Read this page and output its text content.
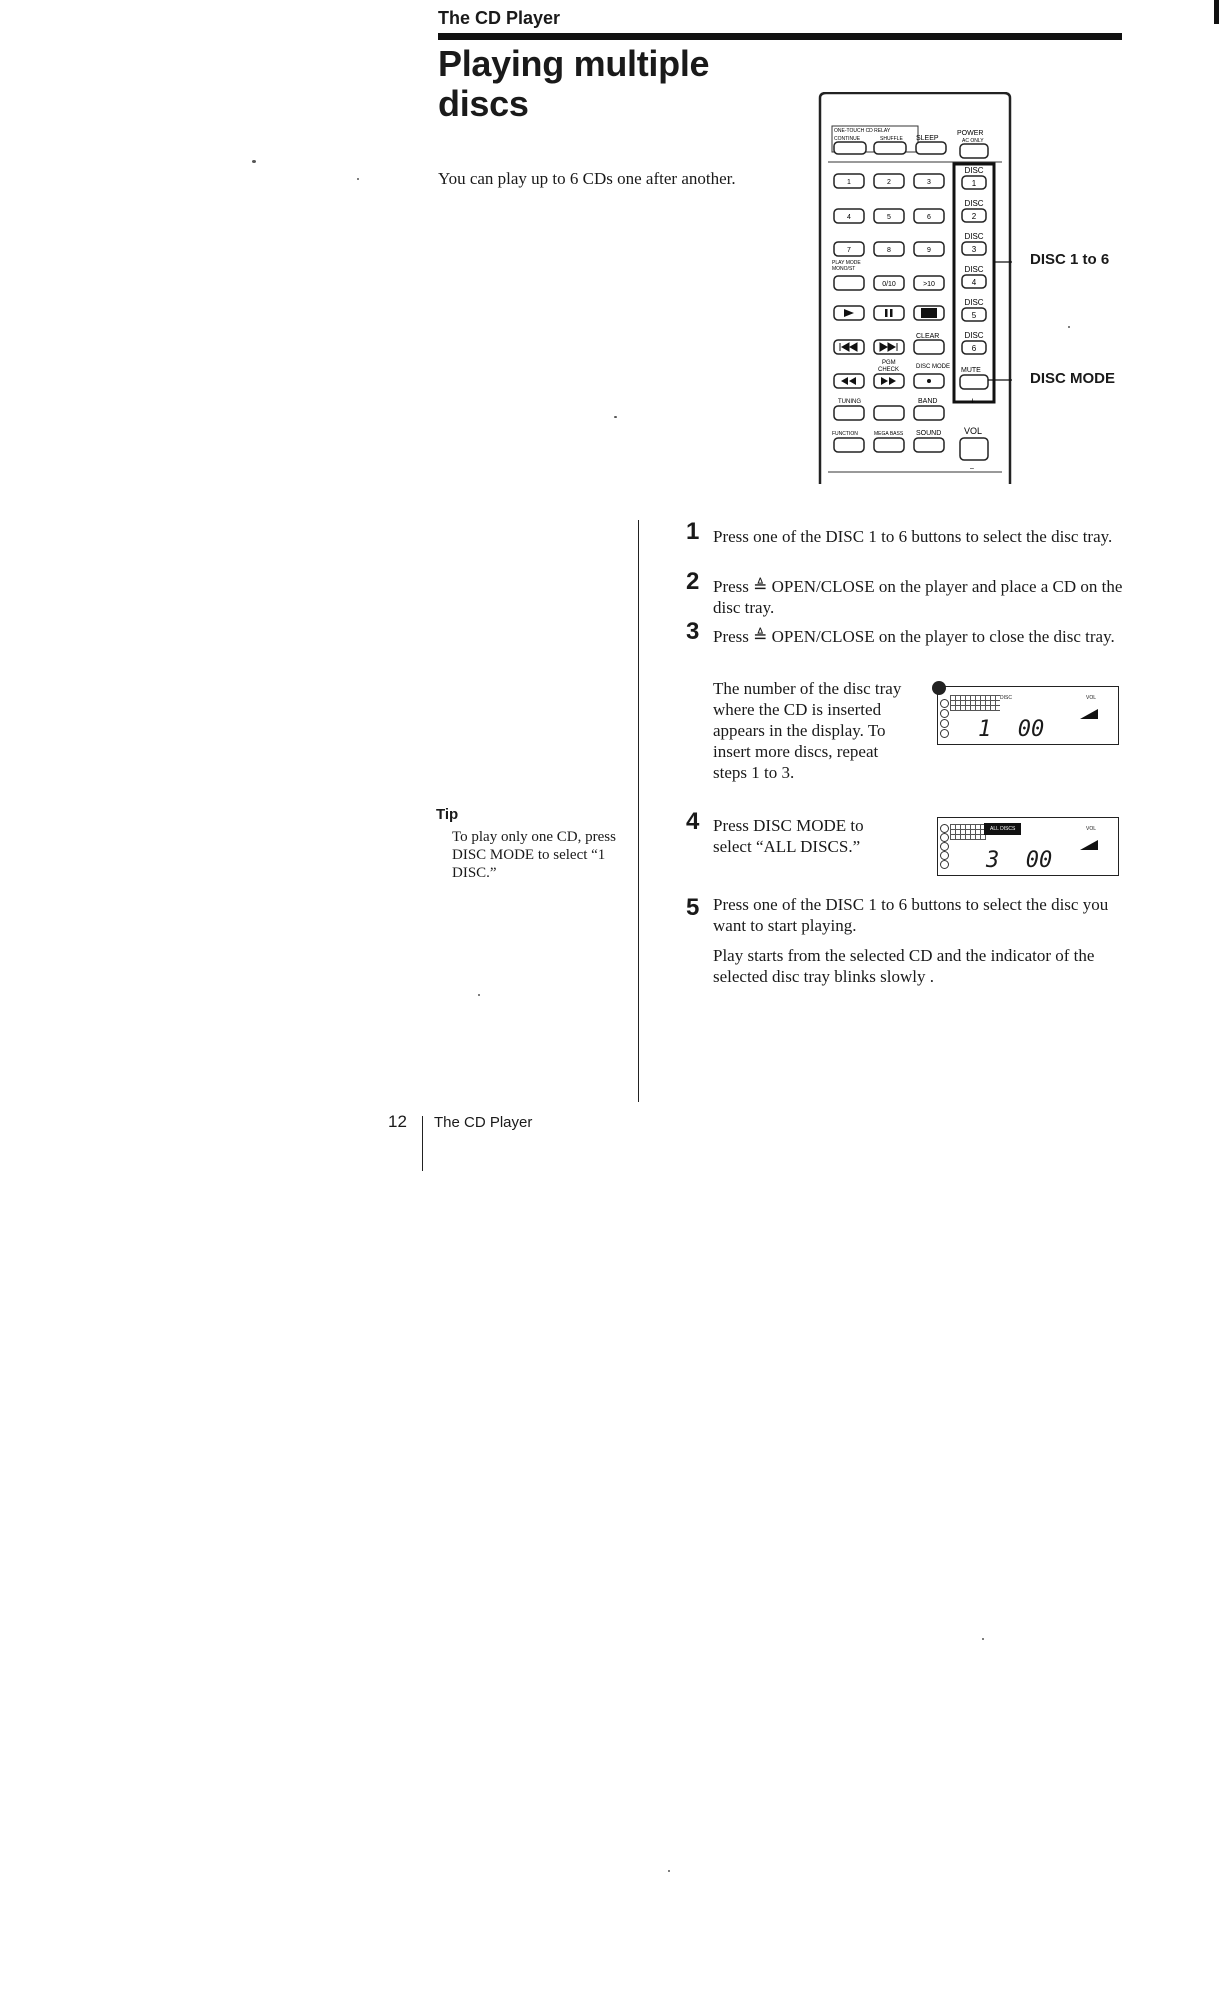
The CD Player
Playing multiple discs

You can play up to 6 CDs one after another.

ONE-TOUCH CD RELAY
CONTINUE	SHUFFLE SLEEP
POWER
AC ONLY
1	2	3
4	5	6
7	8	9
0/10	>10
PLAY MODE
MONO/ST
CLEAR
PGM
CHECK	DISC MODE
TUNING	BAND
FUNCTION	MEGA BASS SOUND
DISC
1
DISC
2
DISC
3
DISC
4
DISC
5
DISC
6
MUTE
+
VOL
–
DISC 1 to 6
DISC MODE
1 Press one of the DISC 1 to 6 buttons to select the disc tray.
2 Press ≜ OPEN/CLOSE on the player and place a CD on the disc tray.
3 Press ≜ OPEN/CLOSE on the player to close the disc tray.
The number of the disc tray where the CD is inserted appears in the display. To insert more discs, repeat steps 1 to 3.
DISC	VOL
1  00
4 Press DISC MODE to select “ALL DISCS.”
ALL DISCS	VOL
3  00
5 Press one of the DISC 1 to 6 buttons to select the disc you want to start playing.
Play starts from the selected CD and the indicator of the selected disc tray blinks slowly .
Tip
To play only one CD, press DISC MODE to select “1 DISC.”
12 The CD Player
